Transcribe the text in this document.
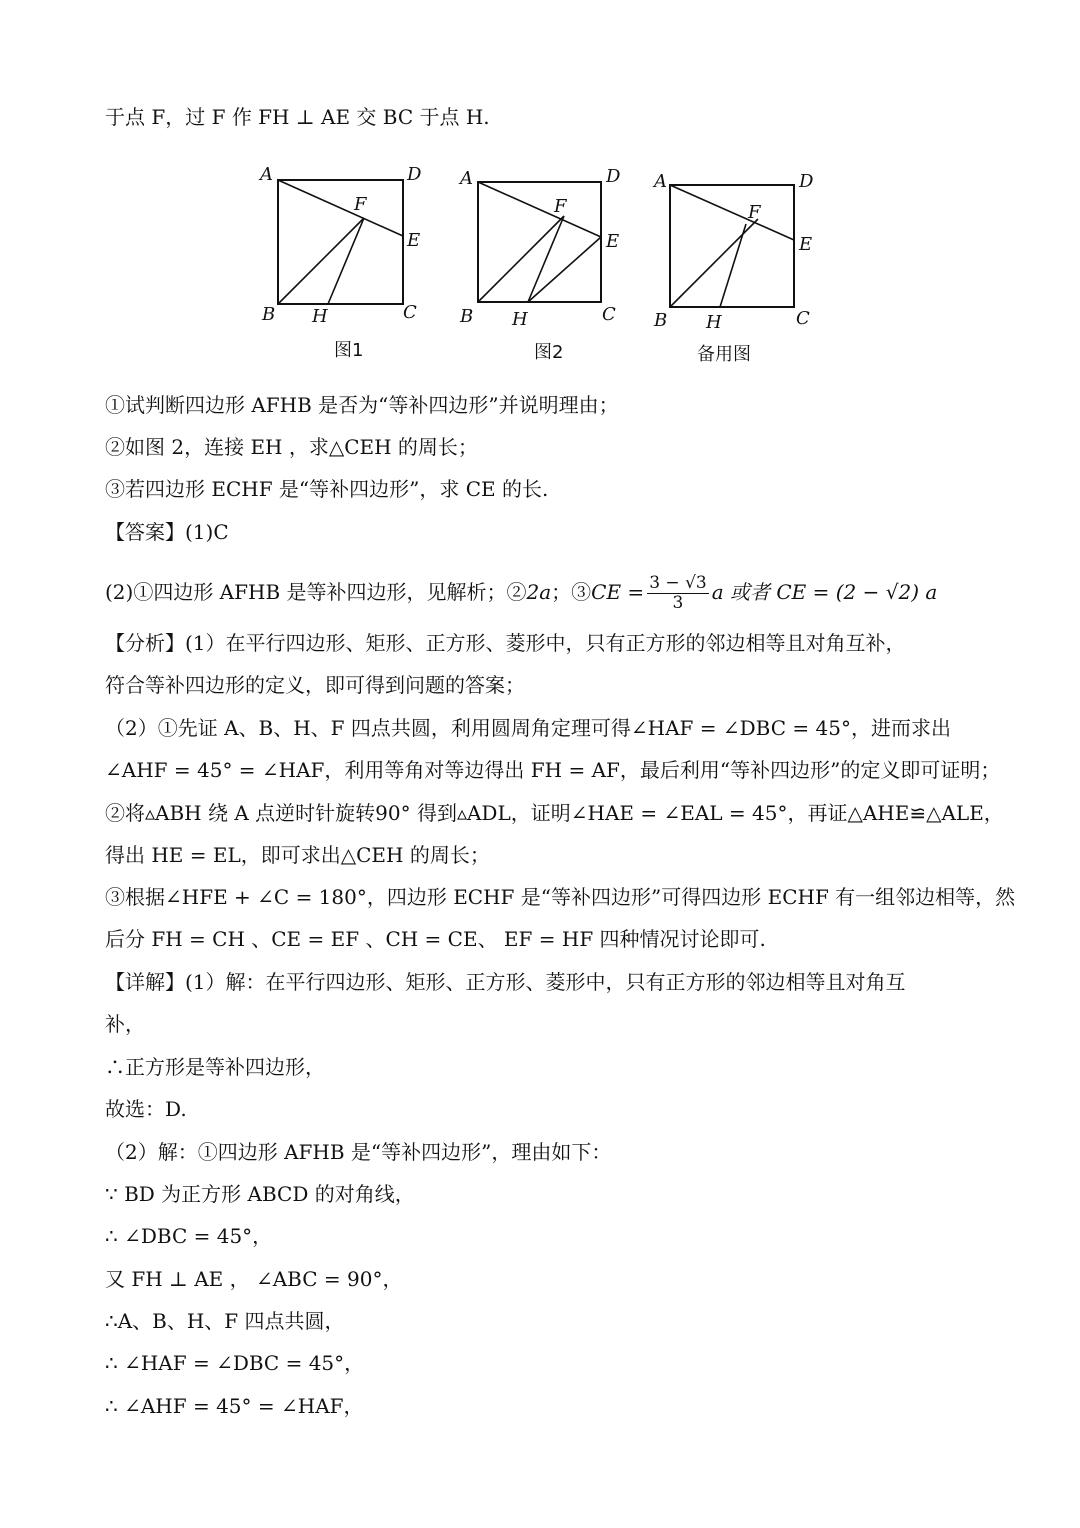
于点 F，过 F 作 FH ⊥ AE 交 BC 于点 H.
A	D
F
E
B H	C
图1
A	D
F
E
B H	C
图2
A	D
F
E
B H	C
备用图
①试判断四边形 AFHB 是否为“等补四边形”并说明理由；
②如图 2，连接 EH ，求△CEH 的周长；
③若四边形 ECHF 是“等补四边形”，求 CE 的长.
【答案】(1)C
(2)①四边形 AFHB 是等补四边形，见解析；②2a；③CE = $\frac{3 - √3}{3}$ a 或者 CE = (2 − √2) a
【分析】(1）在平行四边形、矩形、正方形、菱形中，只有正方形的邻边相等且对角互补，
符合等补四边形的定义，即可得到问题的答案；
（2）①先证 A、B、H、F 四点共圆，利用圆周角定理可得∠HAF = ∠DBC = 45°，进而求出
∠AHF = 45° = ∠HAF，利用等角对等边得出 FH = AF，最后利用“等补四边形”的定义即可证明；
②将▵ABH 绕 A 点逆时针旋转90° 得到▵ADL，证明∠HAE = ∠EAL = 45°，再证△AHE≌△ALE，
得出 HE = EL，即可求出△CEH 的周长；
③根据∠HFE + ∠C = 180°，四边形 ECHF 是“等补四边形”可得四边形 ECHF 有一组邻边相等，然
后分 FH = CH 、CE = EF 、CH = CE、 EF = HF 四种情况讨论即可.
【详解】(1）解：在平行四边形、矩形、正方形、菱形中，只有正方形的邻边相等且对角互
补，
∴正方形是等补四边形，
故选：D.
（2）解：①四边形 AFHB 是“等补四边形”，理由如下：
∵ BD 为正方形 ABCD 的对角线，
∴ ∠DBC = 45°，
又 FH ⊥ AE ， ∠ABC = 90°，
∴A、B、H、F 四点共圆，
∴ ∠HAF = ∠DBC = 45°，
∴ ∠AHF = 45° = ∠HAF，
